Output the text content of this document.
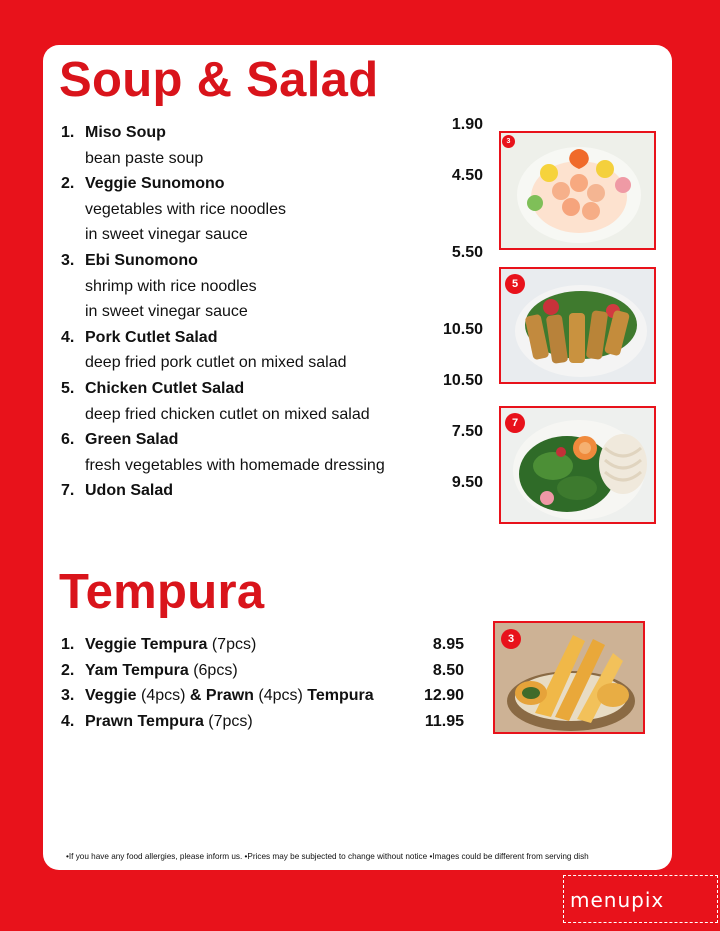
Soup & Salad
1. Miso Soup	1.90
bean paste soup
2. Veggie Sunomono	4.50
vegetables with rice noodles
in sweet vinegar sauce
3. Ebi Sunomono	5.50
shrimp with rice noodles
in sweet vinegar sauce
4. Pork Cutlet Salad	10.50
deep fried pork cutlet on mixed salad
5. Chicken Cutlet Salad	10.50
deep fried chicken cutlet on mixed salad
6. Green Salad	7.50
fresh vegetables with homemade dressing
7. Udon Salad	9.50
3
5
7
Tempura
1. Veggie Tempura (7pcs)	8.95
2. Yam Tempura (6pcs)	8.50
3. Veggie (4pcs) & Prawn (4pcs) Tempura	12.90
4. Prawn Tempura (7pcs)	11.95
3
•If you have any food allergies, please inform us. •Prices may be subjected to change without notice •Images could be different from serving dish
menupix
